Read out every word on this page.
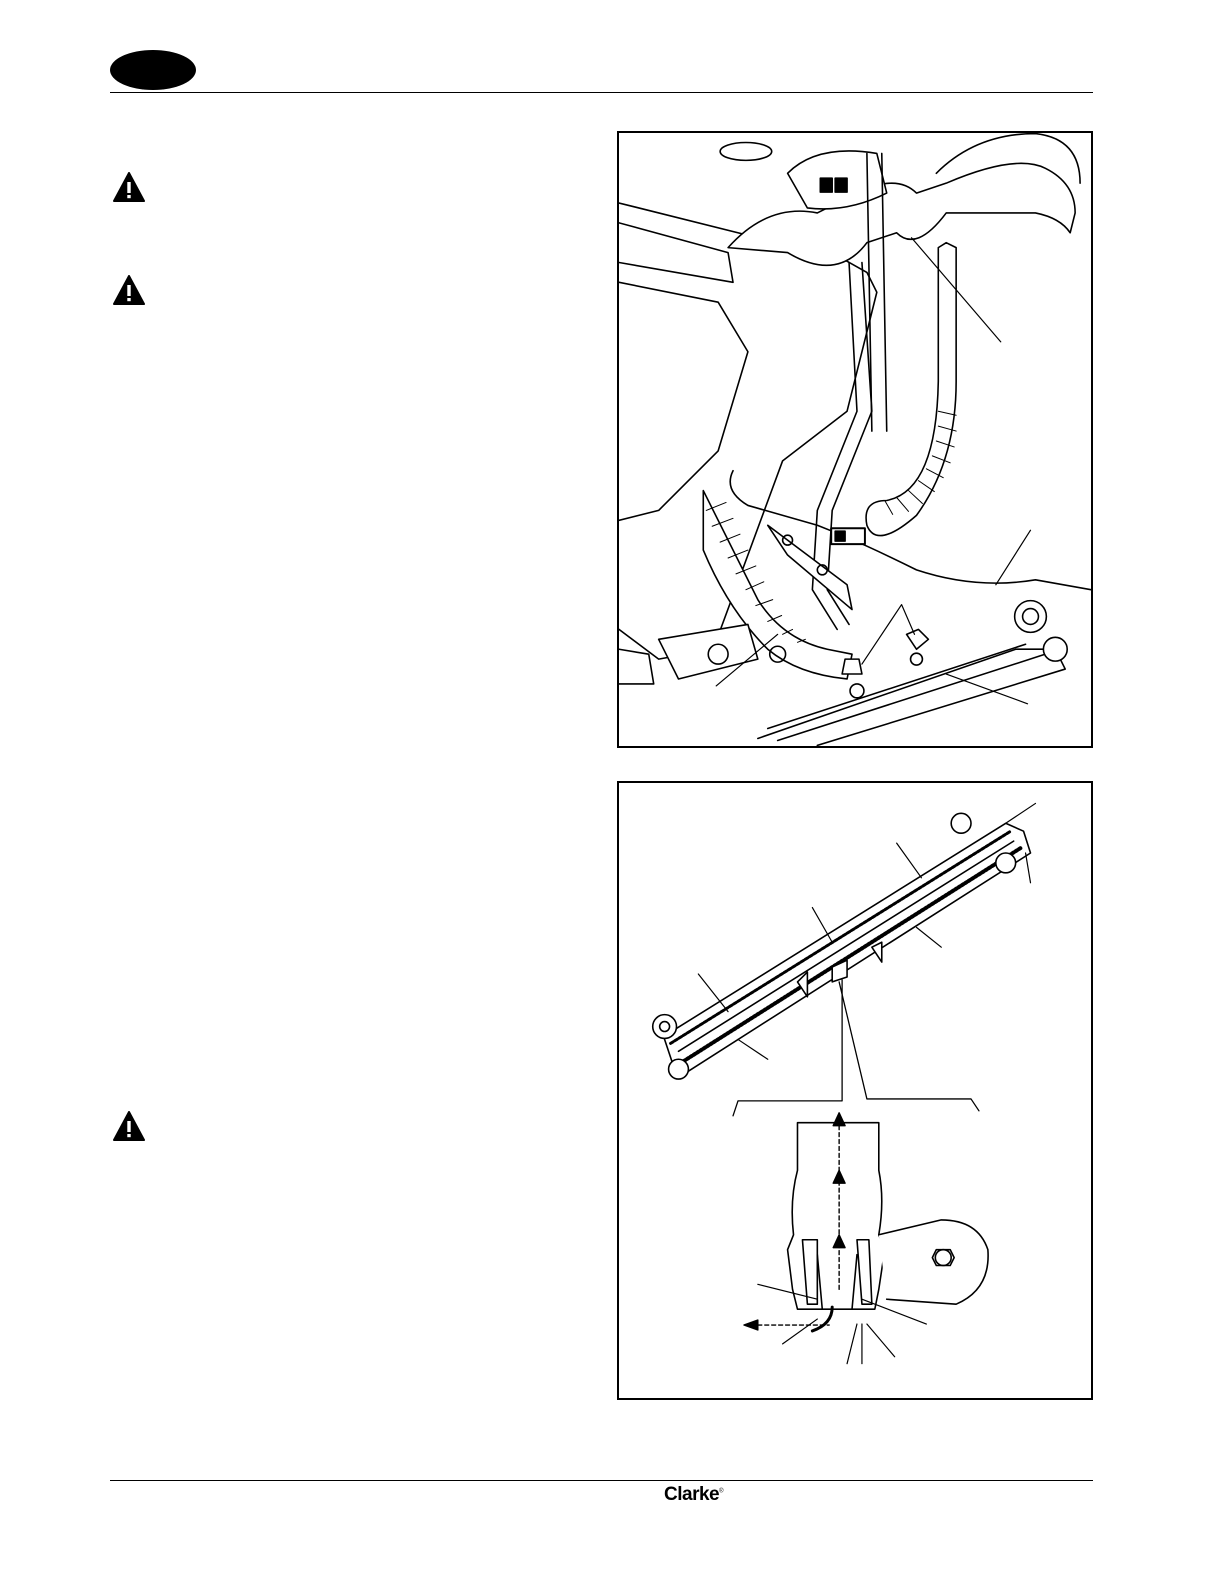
Clarke®
